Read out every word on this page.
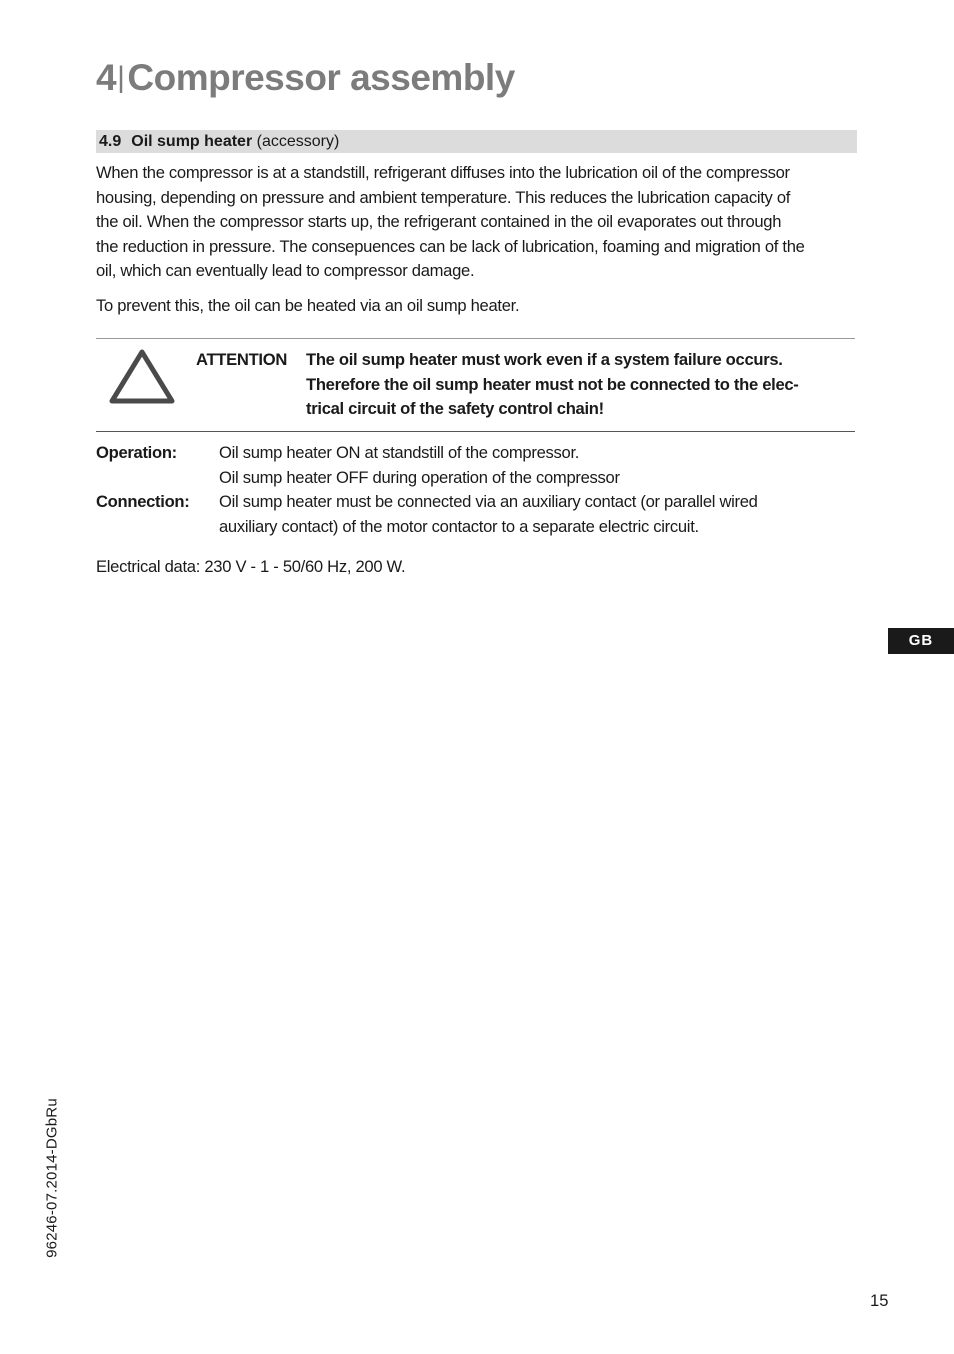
4|Compressor assembly
4.9 Oil sump heater (accessory)
When the compressor is at a standstill, refrigerant diffuses into the lubrication oil of the compressor
housing, depending on pressure and ambient temperature. This reduces the lubrication capacity of
the oil. When the compressor starts up, the refrigerant contained in the oil evaporates out through
the reduction in pressure. The consepuences can be lack of lubrication, foaming and migration of the
oil, which can eventually lead to compressor damage.

To prevent this, the oil can be heated via an oil sump heater.

ATTENTION The oil sump heater must work even if a system failure occurs.
Therefore the oil sump heater must not be connected to the elec-
trical circuit of the safety control chain!
Operation:	Oil sump heater ON at standstill of the compressor.
Oil sump heater OFF during operation of the compressor
Connection: Oil sump heater must be connected via an auxiliary contact (or parallel wired
auxiliary contact) of the motor contactor to a separate electric circuit.
Electrical data: 230 V - 1 - 50/60 Hz, 200 W.
GB
96246-07.2014-DGbRu
15
